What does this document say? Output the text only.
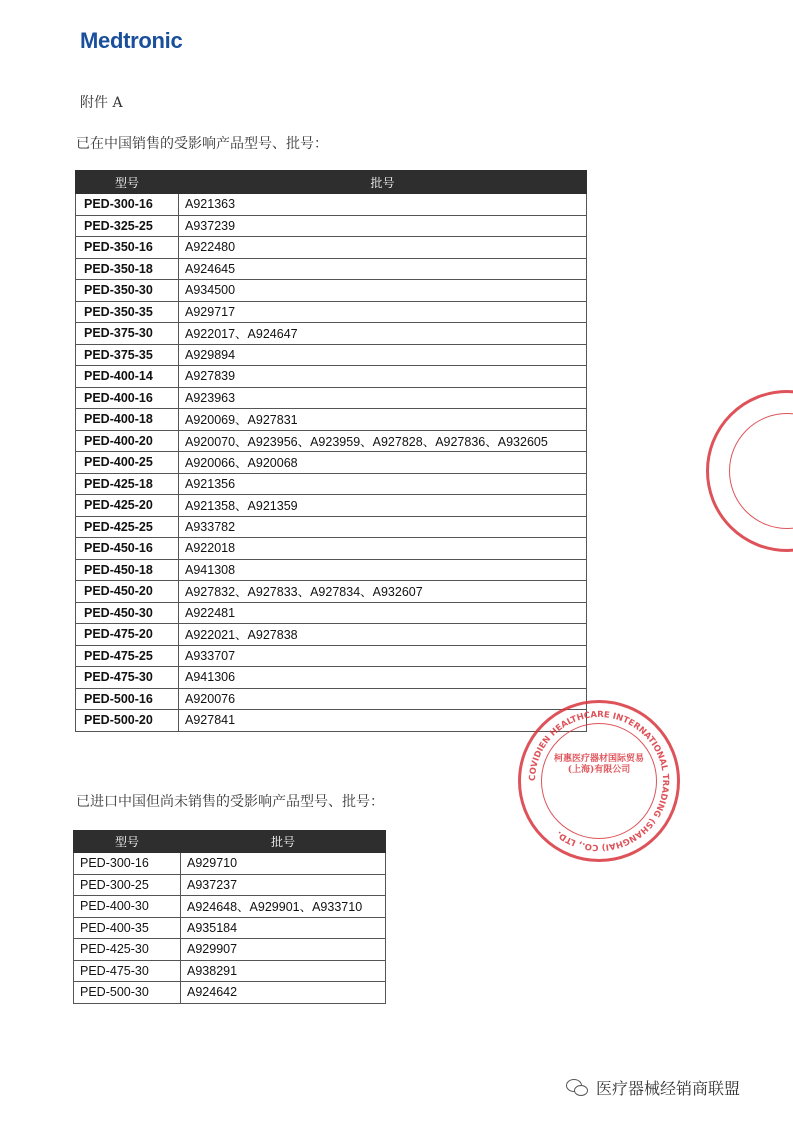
Medtronic
附件 A
已在中国销售的受影响产品型号、批号：
型号	批号
PED-300-16	A921363
PED-325-25	A937239
PED-350-16	A922480
PED-350-18	A924645
PED-350-30	A934500
PED-350-35	A929717
PED-375-30	A922017、A924647
PED-375-35	A929894
PED-400-14	A927839
PED-400-16	A923963
PED-400-18	A920069、A927831
PED-400-20	A920070、A923956、A923959、A927828、A927836、A932605
PED-400-25	A920066、A920068
PED-425-18	A921356
PED-425-20	A921358、A921359
PED-425-25	A933782
PED-450-16	A922018
PED-450-18	A941308
PED-450-20	A927832、A927833、A927834、A932607
PED-450-30	A922481
PED-475-20	A922021、A927838
PED-475-25	A933707
PED-475-30	A941306
PED-500-16	A920076
PED-500-20	A927841
已进口中国但尚未销售的受影响产品型号、批号：
型号	批号
PED-300-16	A929710
PED-300-25	A937237
PED-400-30	A924648、A929901、A933710
PED-400-35	A935184
PED-425-30	A929907
PED-475-30	A938291
PED-500-30	A924642
COVIDIEN HEALTHCARE INTERNATIONAL TRADING (SHANGHAI) CO., LTD.
柯惠医疗器材国际贸易(上海)有限公司
医疗器械经销商联盟
